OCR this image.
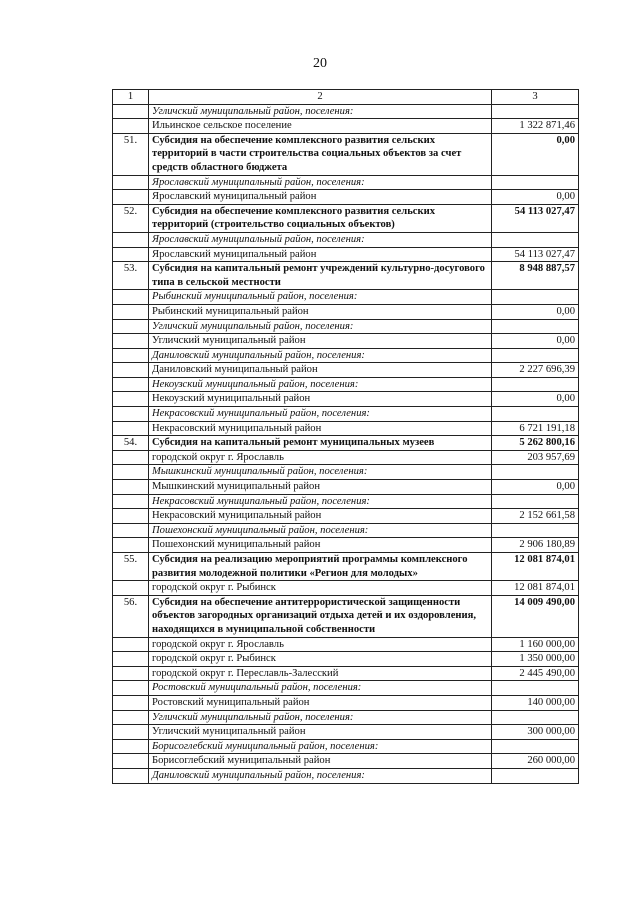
20
1	2	3
	Угличский муниципальный район, поселения:	
	Ильинское сельское поселение	1 322 871,46
51.	Субсидия на обеспечение комплексного развития сельских территорий в части строительства социальных объектов за счет средств областного бюджета	0,00
	Ярославский муниципальный район, поселения:	
	Ярославский муниципальный район	0,00
52.	Субсидия на обеспечение комплексного развития сельских территорий (строительство социальных объектов)	54 113 027,47
	Ярославский муниципальный район, поселения:	
	Ярославский муниципальный район	54 113 027,47
53.	Субсидия на капитальный ремонт учреждений культурно-досугового типа в сельской местности	8 948 887,57
	Рыбинский муниципальный район, поселения:	
	Рыбинский муниципальный район	0,00
	Угличский муниципальный район, поселения:	
	Угличский муниципальный район	0,00
	Даниловский муниципальный район, поселения:	
	Даниловский муниципальный район	2 227 696,39
	Некоузский муниципальный район, поселения:	
	Некоузский муниципальный район	0,00
	Некрасовский муниципальный район, поселения:	
	Некрасовский муниципальный район	6 721 191,18
54.	Субсидия на капитальный ремонт муниципальных музеев	5 262 800,16
	городской округ г. Ярославль	203 957,69
	Мышкинский муниципальный район, поселения:	
	Мышкинский муниципальный район	0,00
	Некрасовский муниципальный район, поселения:	
	Некрасовский муниципальный район	2 152 661,58
	Пошехонский муниципальный район, поселения:	
	Пошехонский муниципальный район	2 906 180,89
55.	Субсидия на реализацию мероприятий программы комплексного развития молодежной политики «Регион для молодых»	12 081 874,01
	городской округ г. Рыбинск	12 081 874,01
56.	Субсидия на обеспечение антитеррористической защищенности объектов загородных организаций отдыха детей и их оздоровления, находящихся в муниципальной собственности	14 009 490,00
	городской округ г. Ярославль	1 160 000,00
	городской округ г. Рыбинск	1 350 000,00
	городской округ г. Переславль-Залесский	2 445 490,00
	Ростовский муниципальный район, поселения:	
	Ростовский муниципальный район	140 000,00
	Угличский муниципальный район, поселения:	
	Угличский муниципальный район	300 000,00
	Борисоглебский муниципальный район, поселения:	
	Борисоглебский муниципальный район	260 000,00
	Даниловский муниципальный район, поселения:	
